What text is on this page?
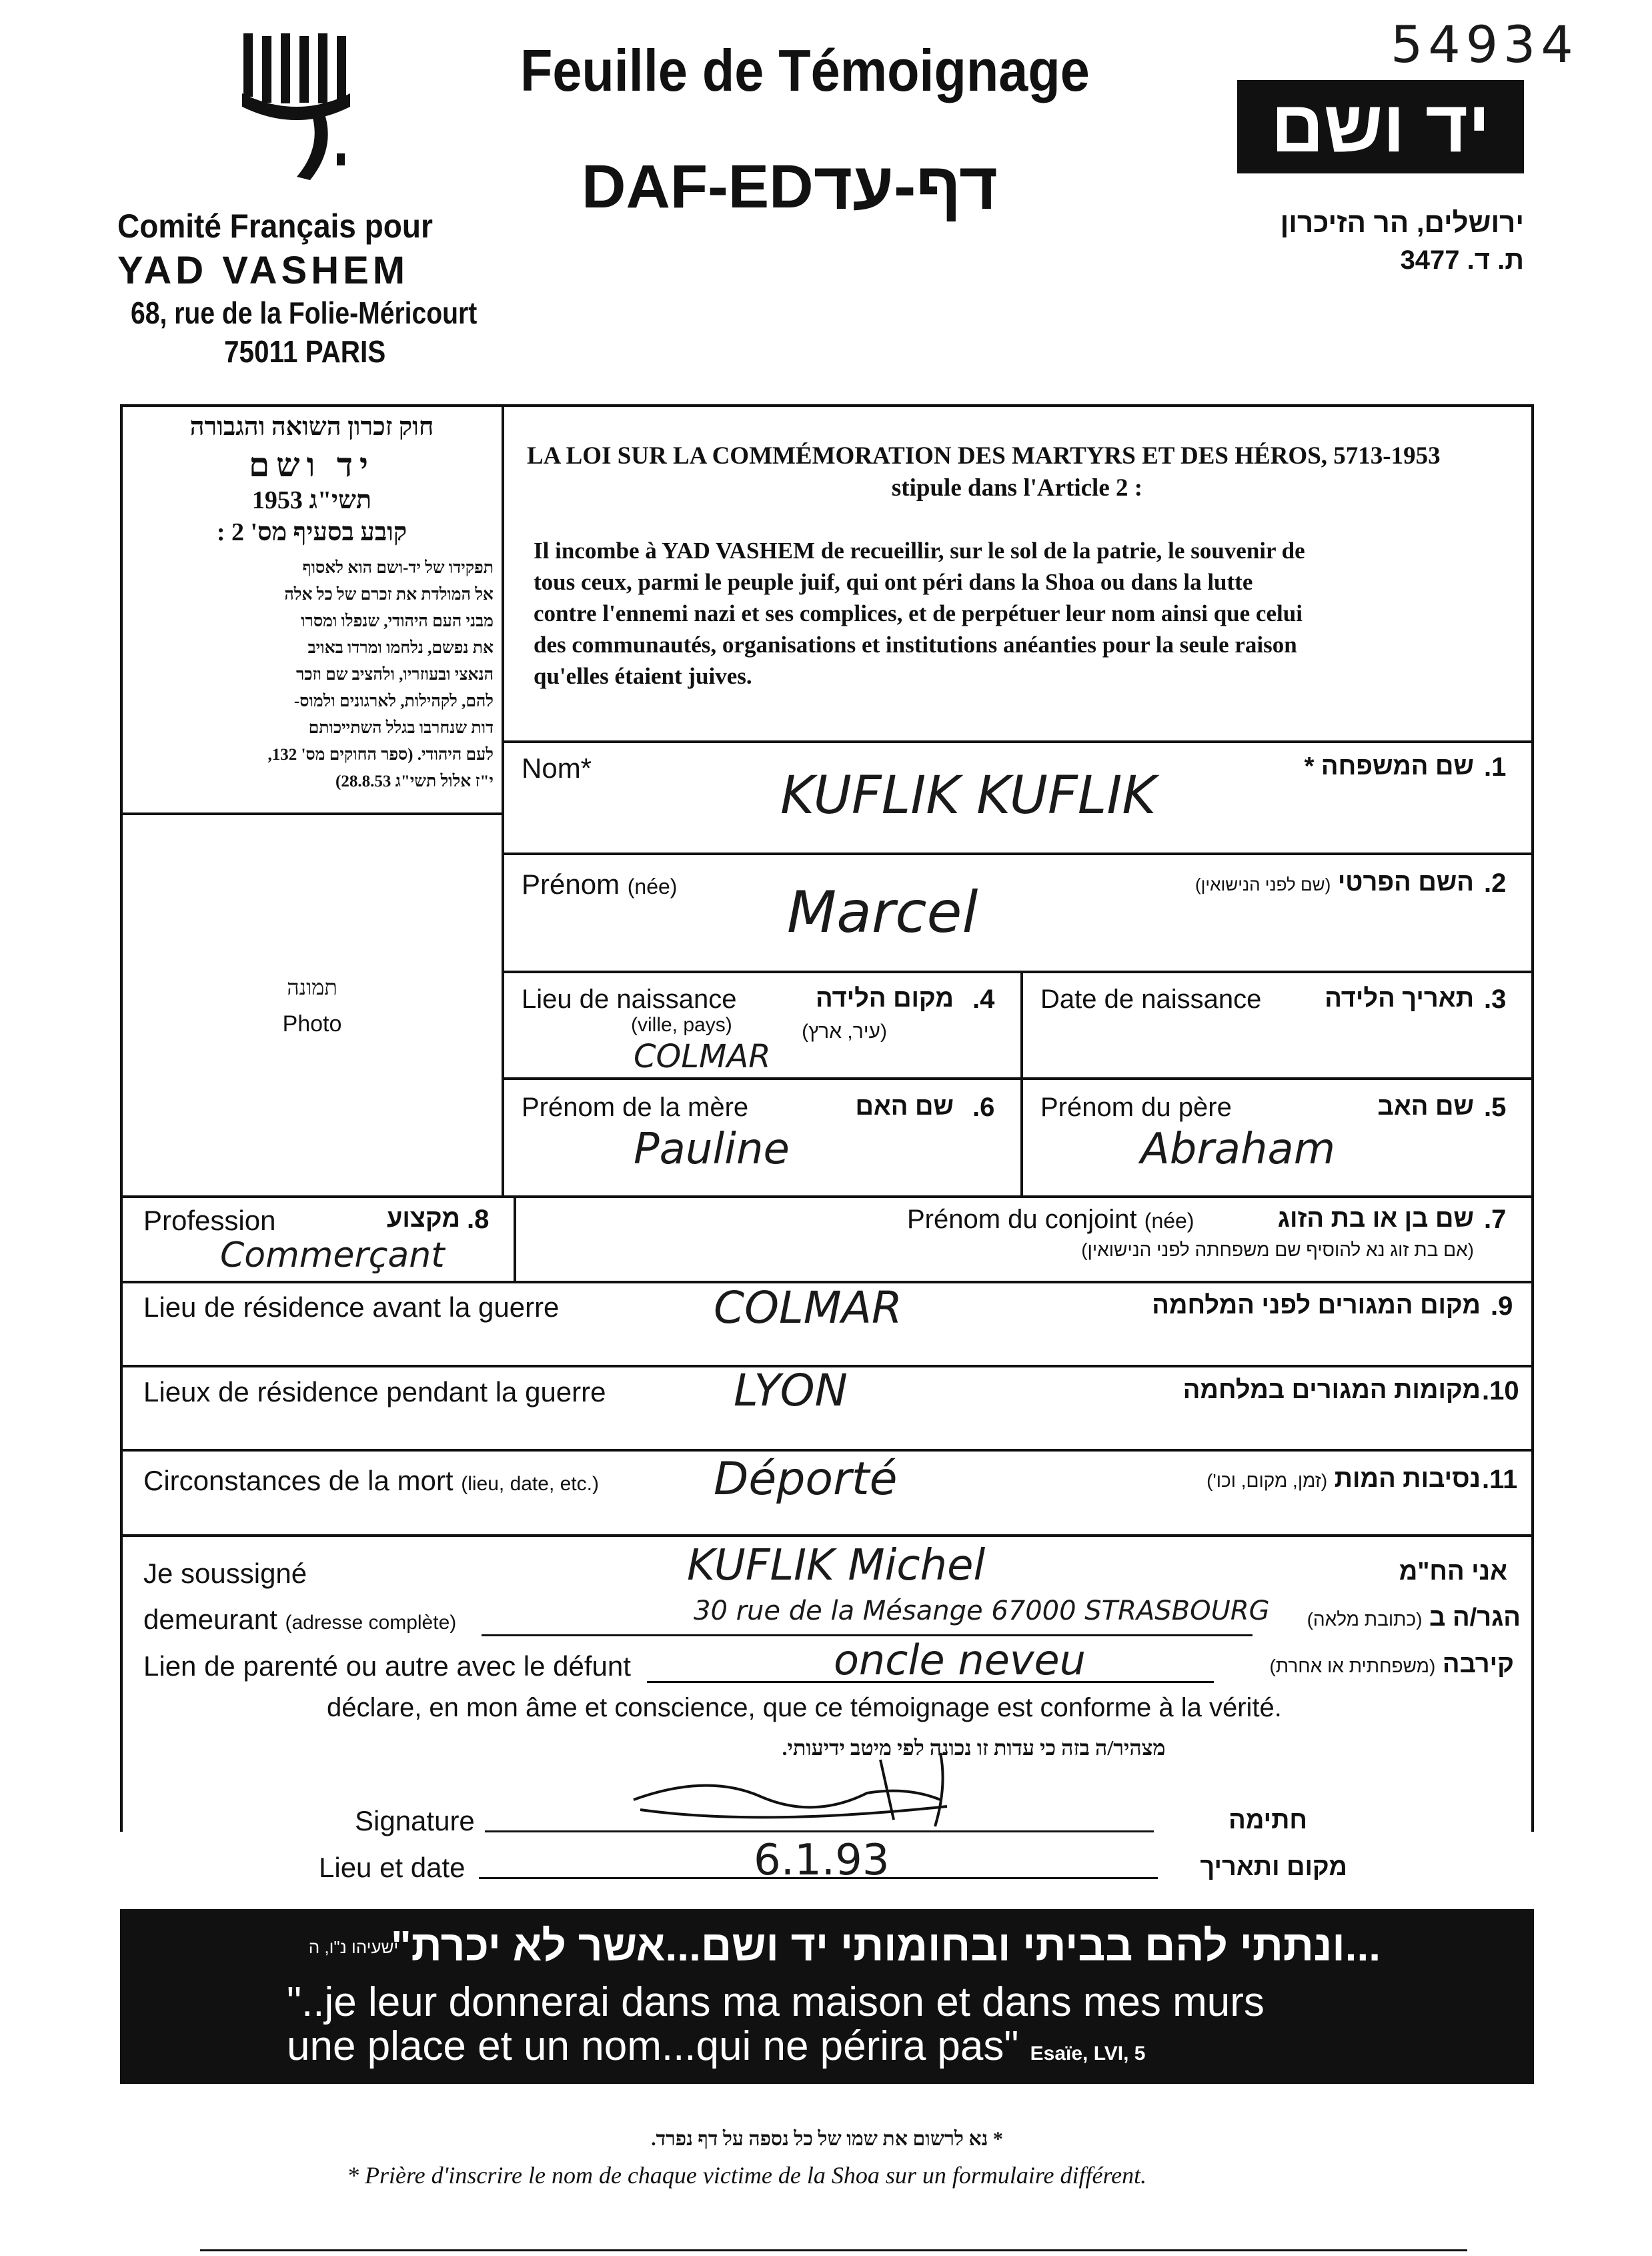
54934
Comité Français pour
YAD VASHEM
68, rue de la Folie-Méricourt
75011 PARIS
Feuille de Témoignage
DAF-ED דף-עד
יד ושם
ירושלים, הר הזיכרון
ת. ד. 3477
חוק זכרון השואה והגבורה
יד ושם
תשי"ג 1953
קובע בסעיף מס' 2 :
תפקידו של יד-ושם הוא לאסוף
אל המולדת את זכרם של כל אלה
מבני העם היהודי, שנפלו ומסרו
את נפשם, נלחמו ומרדו באויב
הנאצי ובעוזריו, ולהציב שם וזכר
להם, לקהילות, לארגונים ולמוס-
דות שנחרבו בגלל השתייכותם
לעם היהודי. (ספר החוקים מס' 132,
י"ז אלול תשי"ג 28.8.53)
LA LOI SUR LA COMMÉMORATION DES MARTYRS ET DES HÉROS, 5713-1953
stipule dans l'Article 2 :
Il incombe à YAD VASHEM de recueillir, sur le sol de la patrie, le souvenir de
tous ceux, parmi le peuple juif, qui ont péri dans la Shoa ou dans la lutte
contre l'ennemi nazi et ses complices, et de perpétuer leur nom ainsi que celui
des communautés, organisations et institutions anéanties pour la seule raison
qu'elles étaient juives.
תמונה
Photo
Nom*	שם המשפחה * .1
KUFLIK KUFLIK
Prénom (née)	השם הפרטי (שם לפני הנישואין)	.2
Marcel
Date de naissance	תאריך הלידה .3
Lieu de naissance
(ville, pays)
מקום הלידה
(עיר, ארץ)
.4
COLMAR
Prénom du père	שם האב .5
Abraham
Prénom de la mère	שם האם .6
Pauline
Prénom du conjoint (née)	שם בן או בת הזוג
(אם בת זוג נא להוסיף שם משפחתה לפני הנישואין)
.7
Profession	מקצוע .8
Commerçant
Lieu de résidence avant la guerre	מקום המגורים לפני המלחמה .9
COLMAR
Lieux de résidence pendant la guerre	מקומות המגורים במלחמה .10
LYON
Circonstances de la mort (lieu, date, etc.)	נסיבות המות (זמן, מקום, וכו')	.11
Déporté
Je soussigné	אני הח"מ
KUFLIK Michel
demeurant (adresse complète)	הגר/ה ב (כתובת מלאה)
30 rue de la Mésange 67000 STRASBOURG
Lien de parenté ou autre avec le défunt	קירבה (משפחתית או אחרת)
oncle neveu
déclare, en mon âme et conscience, que ce témoignage est conforme à la vérité.
מצהיר/ה בזה כי עדות זו נכונה לפי מיטב ידיעותי.
Signature	חתימה
Lieu et date	מקום ותאריך
6.1.93
...ונתתי להם בביתי ובחומותי יד ושם...אשר לא יכרת"
ישעיהו נ"ו, ה
"..je leur donnerai dans ma maison et dans mes murs
une place et un nom...qui ne périra pas" Esaïe, LVI, 5
* נא לרשום את שמו של כל נספה על דף נפרד.
* Prière d'inscrire le nom de chaque victime de la Shoa sur un formulaire différent.
